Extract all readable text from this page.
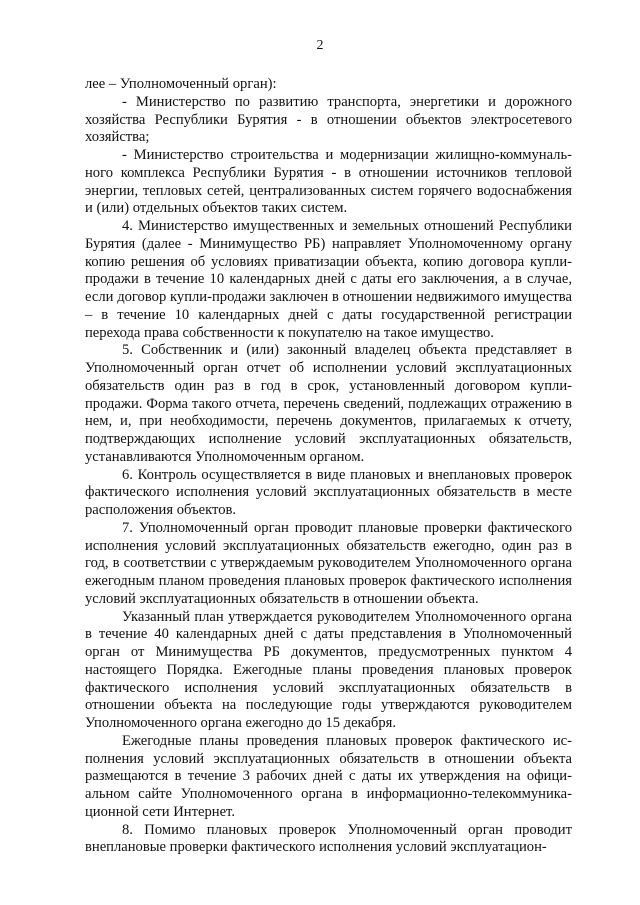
2

лее – Уполномоченный орган):

- Министерство по развитию транспорта, энергетики и дорожного хозяйства Республики Бурятия - в отношении объектов электросетевого хозяйства;

- Министерство строительства и модернизации жилищно-коммунального комплекса Республики Бурятия - в отношении источников тепловой энергии, тепловых сетей, централизованных систем горячего водоснабжения и (или) отдельных объектов таких систем.

4. Министерство имущественных и земельных отношений Республики Бурятия (далее - Минимущество РБ) направляет Уполномоченному органу копию решения об условиях приватизации объекта, копию договора купли-продажи в течение 10 календарных дней с даты его заключения, а в случае, если договор купли-продажи заключен в отношении недвижимого имущества – в течение 10 календарных дней с даты государственной регистрации перехода права собственности к покупателю на такое имущество.

5. Собственник и (или) законный владелец объекта представляет в Уполномоченный орган отчет об исполнении условий эксплуатационных обязательств один раз в год в срок, установленный договором купли-продажи. Форма такого отчета, перечень сведений, подлежащих отражению в нем, и, при необходимости, перечень документов, прилагаемых к отчету, подтверждающих исполнение условий эксплуатационных обязательств, устанавливаются Уполномоченным органом.

6. Контроль осуществляется в виде плановых и внеплановых проверок фактического исполнения условий эксплуатационных обязательств в месте расположения объектов.

7. Уполномоченный орган проводит плановые проверки фактического исполнения условий эксплуатационных обязательств ежегодно, один раз в год, в соответствии с утверждаемым руководителем Уполномоченного органа ежегодным планом проведения плановых проверок фактического исполнения условий эксплуатационных обязательств в отношении объекта.

Указанный план утверждается руководителем Уполномоченного органа в течение 40 календарных дней с даты представления в Уполномоченный орган от Минимущества РБ документов, предусмотренных пунктом 4 настоящего Порядка. Ежегодные планы проведения плановых проверок фактического исполнения условий эксплуатационных обязательств в отношении объекта на последующие годы утверждаются руководителем Уполномоченного органа ежегодно до 15 декабря.

Ежегодные планы проведения плановых проверок фактического исполнения условий эксплуатационных обязательств в отношении объекта размещаются в течение 3 рабочих дней с даты их утверждения на официальном сайте Уполномоченного органа в информационно-телекоммуникационной сети Интернет.

8. Помимо плановых проверок Уполномоченный орган проводит внеплановые проверки фактического исполнения условий эксплуатацион-
